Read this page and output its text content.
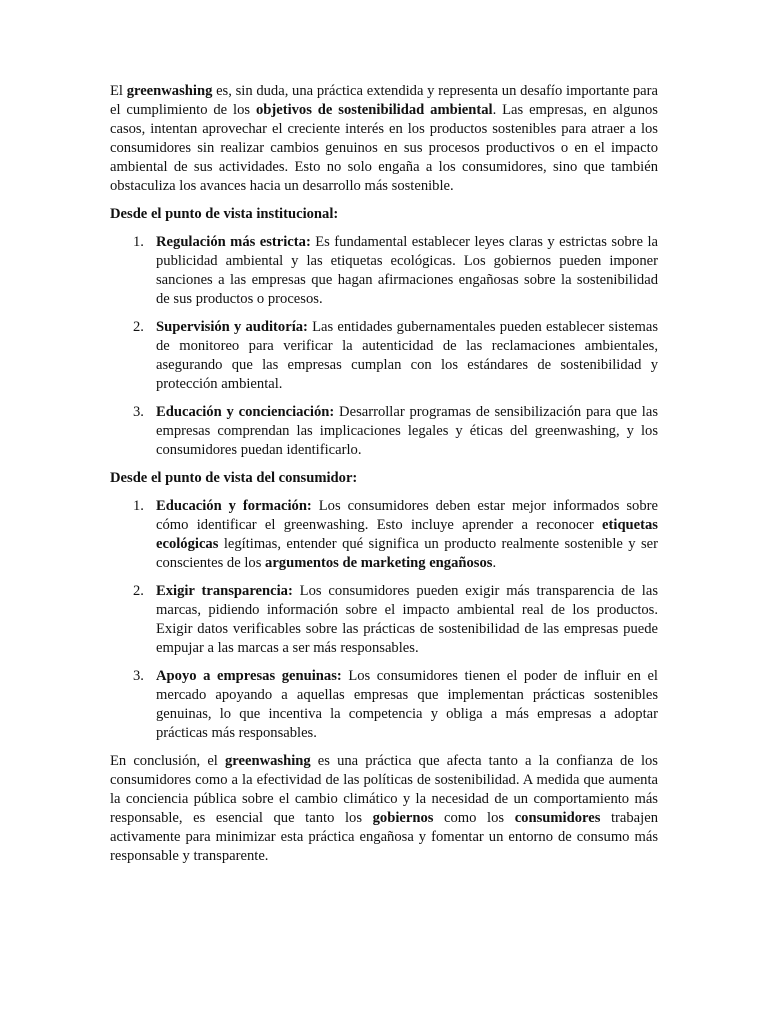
El greenwashing es, sin duda, una práctica extendida y representa un desafío importante para el cumplimiento de los objetivos de sostenibilidad ambiental. Las empresas, en algunos casos, intentan aprovechar el creciente interés en los productos sostenibles para atraer a los consumidores sin realizar cambios genuinos en sus procesos productivos o en el impacto ambiental de sus actividades. Esto no solo engaña a los consumidores, sino que también obstaculiza los avances hacia un desarrollo más sostenible.

Desde el punto de vista institucional:

1. Regulación más estricta: Es fundamental establecer leyes claras y estrictas sobre la publicidad ambiental y las etiquetas ecológicas. Los gobiernos pueden imponer sanciones a las empresas que hagan afirmaciones engañosas sobre la sostenibilidad de sus productos o procesos.
2. Supervisión y auditoría: Las entidades gubernamentales pueden establecer sistemas de monitoreo para verificar la autenticidad de las reclamaciones ambientales, asegurando que las empresas cumplan con los estándares de sostenibilidad y protección ambiental.
3. Educación y concienciación: Desarrollar programas de sensibilización para que las empresas comprendan las implicaciones legales y éticas del greenwashing, y los consumidores puedan identificarlo.

Desde el punto de vista del consumidor:

1. Educación y formación: Los consumidores deben estar mejor informados sobre cómo identificar el greenwashing. Esto incluye aprender a reconocer etiquetas ecológicas legítimas, entender qué significa un producto realmente sostenible y ser conscientes de los argumentos de marketing engañosos.
2. Exigir transparencia: Los consumidores pueden exigir más transparencia de las marcas, pidiendo información sobre el impacto ambiental real de los productos. Exigir datos verificables sobre las prácticas de sostenibilidad de las empresas puede empujar a las marcas a ser más responsables.
3. Apoyo a empresas genuinas: Los consumidores tienen el poder de influir en el mercado apoyando a aquellas empresas que implementan prácticas sostenibles genuinas, lo que incentiva la competencia y obliga a más empresas a adoptar prácticas más responsables.

En conclusión, el greenwashing es una práctica que afecta tanto a la confianza de los consumidores como a la efectividad de las políticas de sostenibilidad. A medida que aumenta la conciencia pública sobre el cambio climático y la necesidad de un comportamiento más responsable, es esencial que tanto los gobiernos como los consumidores trabajen activamente para minimizar esta práctica engañosa y fomentar un entorno de consumo más responsable y transparente.
